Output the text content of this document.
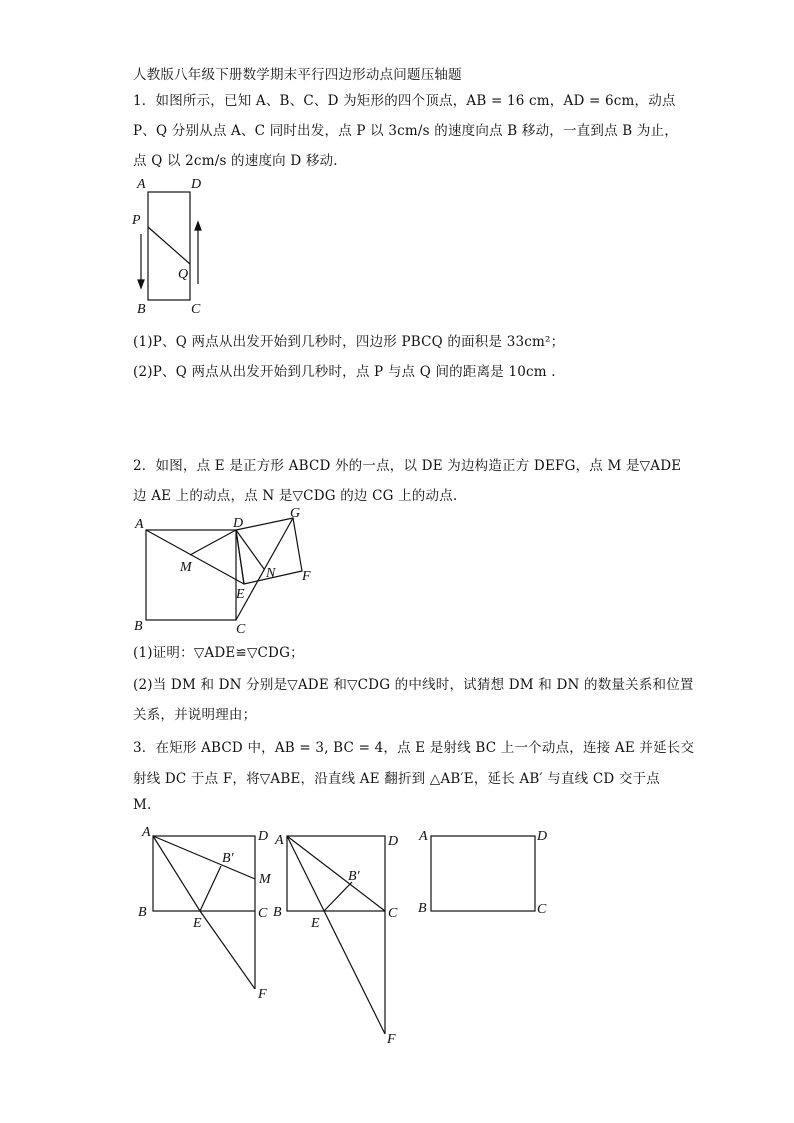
人教版八年级下册数学期末平行四边形动点问题压轴题
1．如图所示，已知 A、B、C、D 为矩形的四个顶点，AB = 16 cm，AD = 6cm，动点
P、Q 分别从点 A、C 同时出发，点 P 以 3cm/s 的速度向点 B 移动，一直到点 B 为止，
点 Q 以 2cm/s 的速度向 D 移动.
A	D
P
Q
B	C
(1)P、Q 两点从出发开始到几秒时，四边形 PBCQ 的面积是 33cm²；
(2)P、Q 两点从出发开始到几秒时，点 P 与点 Q 间的距离是 10cm .
2．如图，点 E 是正方形 ABCD 外的一点，以 DE 为边构造正方 DEFG，点 M 是▽ADE
边 AE 上的动点，点 N 是▽CDG 的边 CG 上的动点.
A	D
G
M	N F
E
B	C
(1)证明：▽ADE≌▽CDG；
(2)当 DM 和 DN 分别是▽ADE 和▽CDG 的中线时，试猜想 DM 和 DN 的数量关系和位置
关系，并说明理由；
3．在矩形 ABCD 中，AB = 3, BC = 4，点 E 是射线 BC 上一个动点，连接 AE 并延长交
射线 DC 于点 F，将▽ABE，沿直线 AE 翻折到 △AB′E，延长 AB′ 与直线 CD 交于点
M.
A	D
B′
M
B	C
E
F
A	D
B′
B	C
E
F
A	D
B	C
